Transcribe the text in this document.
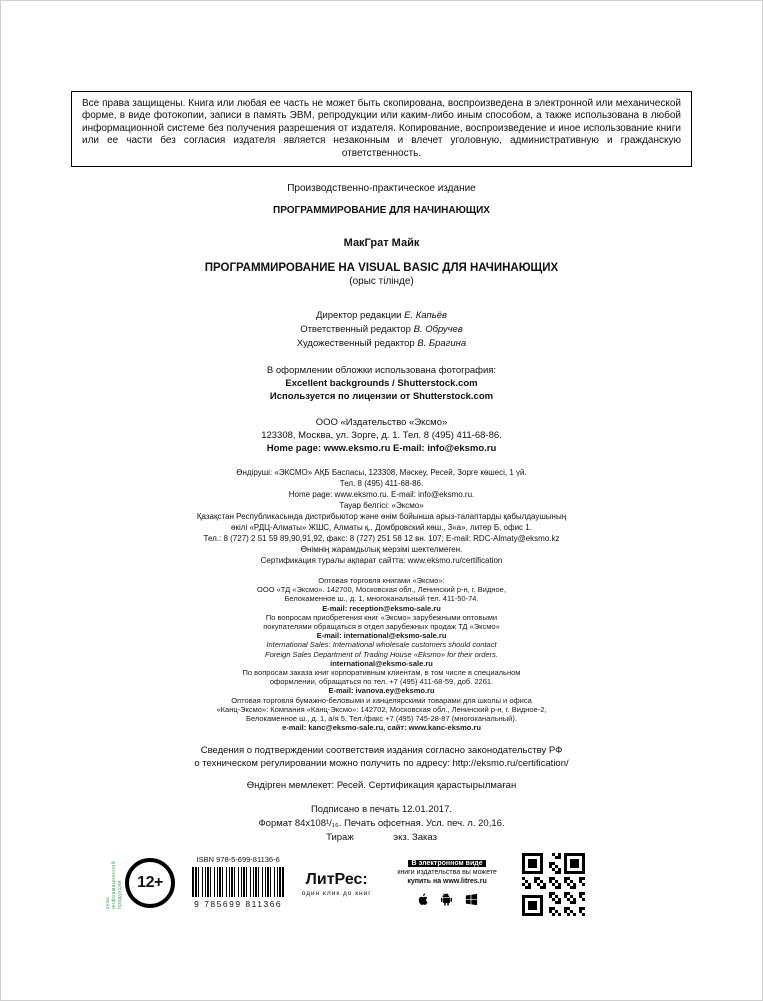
Все права защищены. Книга или любая ее часть не может быть скопирована, воспроизведена в электронной или механической форме, в виде фотокопии, записи в память ЭВМ, репродукции или каким-либо иным способом, а также использована в любой информационной системе без получения разрешения от издателя. Копирование, воспроизведение и иное использование книги или ее части без согласия издателя является незаконным и влечет уголовную, административную и гражданскую ответственность.
Производственно-практическое издание
ПРОГРАММИРОВАНИЕ ДЛЯ НАЧИНАЮЩИХ
МакГрат Майк
ПРОГРАММИРОВАНИЕ НА VISUAL BASIC ДЛЯ НАЧИНАЮЩИХ
(орыс тілінде)
Директор редакции Е. Капьёв
Ответственный редактор В. Обручев
Художественный редактор В. Брагина
В оформлении обложки использована фотография:
Excellent backgrounds / Shutterstock.com
Используется по лицензии от Shutterstock.com
ООО «Издательство «Эксмо»
123308, Москва, ул. Зорге, д. 1. Тел. 8 (495) 411-68-86.
Home page: www.eksmo.ru E-mail: info@eksmo.ru
Өндіруші: «ЭКСМО» АҚБ Баспасы, 123308, Мәскеу, Ресей, Зорге көшесі, 1 үй.
Тел. 8 (495) 411-68-86.
Home page: www.eksmo.ru. E-mail: info@eksmo.ru.
Тауар белгісі: «Эксмо»
Қазақстан Республикасында дистрибьютор және өнім бойынша арыз-талаптарды қабылдаушының
өкілі «РДЦ-Алматы» ЖШС, Алматы қ., Домбровский көш., 3«а», литер Б, офис 1.
Тел.: 8 (727) 2 51 59 89,90,91,92, факс: 8 (727) 251 58 12 вн. 107; E-mail: RDC-Almaty@eksmo.kz
Өнімнің жарамдылық мерзімі шектелмеген.
Сертификация туралы ақпарат сайтта: www.eksmo.ru/certification
Оптовая торговля книгами «Эксмо»:
ООО «ТД «Эксмо». 142700, Московская обл., Ленинский р-н, г. Видное,
Белокаменное ш., д. 1, многоканальный тел. 411-50-74.
E-mail: reception@eksmo-sale.ru
По вопросам приобретения книг «Эксмо» зарубежными оптовыми
покупателями обращаться в отдел зарубежных продаж ТД «Эксмо»
E-mail: international@eksmo-sale.ru
International Sales: International wholesale customers should contact
Foreign Sales Department of Trading House «Eksmo» for their orders.
international@eksmo-sale.ru
По вопросам заказа книг корпоративным клиентам, в том числе в специальном
оформлении, обращаться по тел. +7 (495) 411-68-59, доб. 2261.
E-mail: ivanova.ey@eksmo.ru
Оптовая торговля бумажно-беловыми и канцелярскими товарами для школы и офиса
«Канц-Эксмо»: Компания «Канц-Эксмо»: 142702, Московская обл., Ленинский р-н, г. Видное-2,
Белокаменное ш., д. 1, а/я 5. Тел./факс +7 (495) 745-28-87 (многоканальный).
e-mail: kanc@eksmo-sale.ru, сайт: www.kanc-eksmo.ru
Сведения о подтверждении соответствия издания согласно законодательству РФ
о техническом регулировании можно получить по адресу: http://eksmo.ru/certification/
Өндірген мемлекет: Ресей. Сертификация қарастырылмаған
Подписано в печать 12.01.2017.
Формат 84x108¹/₁₆. Печать офсетная. Усл. печ. л. 20,16.
Тираж               экз. Заказ
знак информационной продукции 12+
ISBN 978-5-699-81136-6
9 785699 811366
ЛитРес:
один клик до книг
В электронном виде
книги издательства вы можете
купить на www.litres.ru
